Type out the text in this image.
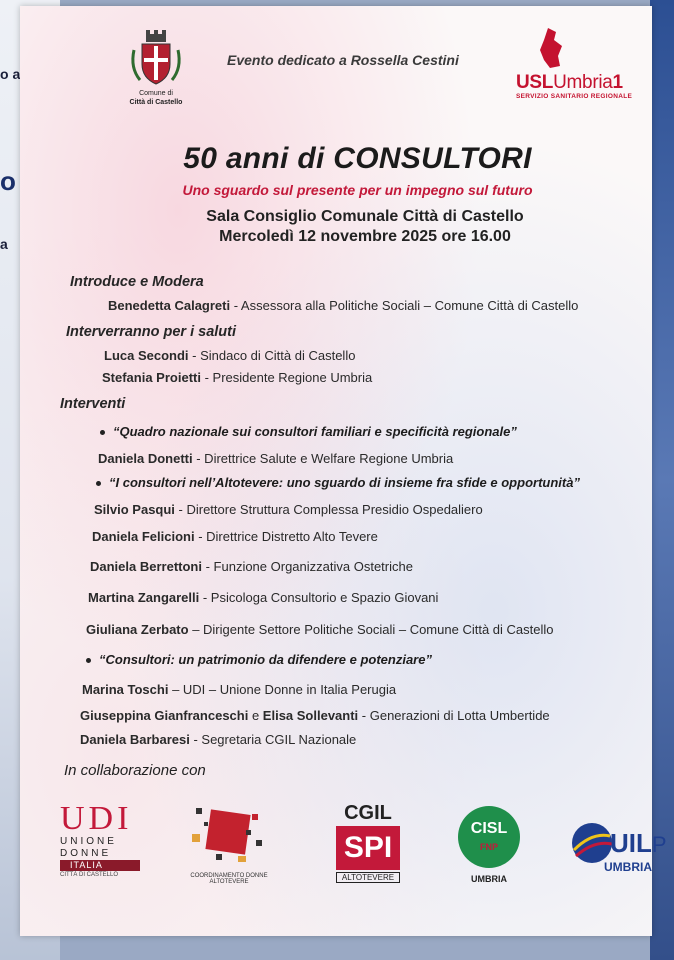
o a
o
a
Comune di
Città di Castello
Evento dedicato a Rossella Cestini
USLUmbria1
SERVIZIO SANITARIO REGIONALE
50 anni di CONSULTORI
Uno sguardo sul presente per un impegno sul futuro
Sala Consiglio Comunale Città di Castello
Mercoledì 12 novembre 2025 ore 16.00
Introduce e Modera
Benedetta Calagreti - Assessora alla Politiche Sociali – Comune Città di Castello
Interverranno per i saluti
Luca Secondi - Sindaco di Città di Castello
Stefania Proietti - Presidente Regione Umbria
Interventi
“Quadro nazionale sui consultori familiari e specificità regionale”
Daniela Donetti - Direttrice Salute e Welfare Regione Umbria
“I consultori nell’Altotevere: uno sguardo di insieme fra sfide e opportunità”
Silvio Pasqui - Direttore Struttura Complessa Presidio Ospedaliero
Daniela Felicioni - Direttrice Distretto Alto Tevere
Daniela Berrettoni - Funzione Organizzativa Ostetriche
Martina Zangarelli - Psicologa Consultorio e Spazio Giovani
Giuliana Zerbato – Dirigente Settore Politiche Sociali – Comune Città di Castello
“Consultori: un patrimonio da difendere e potenziare”
Marina Toschi – UDI – Unione Donne in Italia Perugia
Giuseppina Gianfranceschi e Elisa Sollevanti - Generazioni di Lotta Umbertide
Daniela Barbaresi - Segretaria CGIL Nazionale
In collaborazione con
UDI
UNIONE
DONNE
ITALIA
CITTÀ DI CASTELLO	COORDINAMENTO DONNE
ALTOTEVERE
CGIL
SPI
ALTOTEVERE
CISL
FNP
UMBRIA
UILP
UMBRIA
